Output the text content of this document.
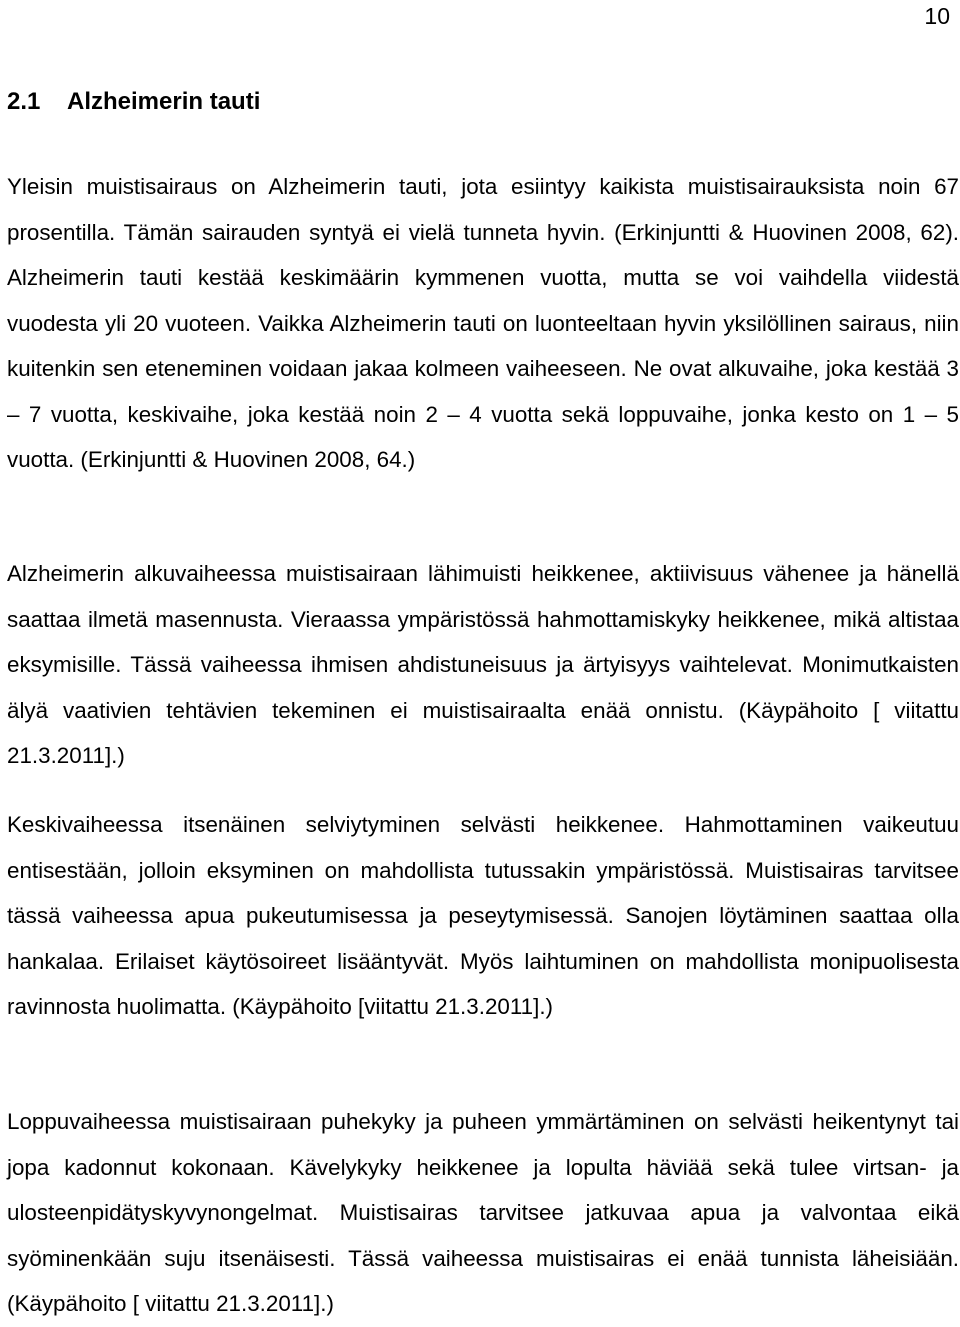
10
2.1 Alzheimerin tauti

Yleisin muistisairaus on Alzheimerin tauti, jota esiintyy kaikista muistisairauksista noin 67 prosentilla. Tämän sairauden syntyä ei vielä tunneta hyvin. (Erkinjuntti & Huovinen 2008, 62). Alzheimerin tauti kestää keskimäärin kymmenen vuotta, mutta se voi vaihdella viidestä vuodesta yli 20 vuoteen. Vaikka Alzheimerin tauti on luonteeltaan hyvin yksilöllinen sairaus, niin kuitenkin sen eteneminen voidaan jakaa kolmeen vaiheeseen. Ne ovat alkuvaihe, joka kestää 3 – 7 vuotta, keskivaihe, joka kestää noin 2 – 4 vuotta sekä loppuvaihe, jonka kesto on 1 – 5 vuotta. (Erkinjuntti & Huovinen 2008, 64.)

Alzheimerin alkuvaiheessa muistisairaan lähimuisti heikkenee, aktiivisuus vähenee ja hänellä saattaa ilmetä masennusta. Vieraassa ympäristössä hahmottamiskyky heikkenee, mikä altistaa eksymisille. Tässä vaiheessa ihmisen ahdistuneisuus ja ärtyisyys vaihtelevat. Monimutkaisten älyä vaativien tehtävien tekeminen ei muistisairaalta enää onnistu. (Käypähoito [ viitattu 21.3.2011].)

Keskivaiheessa itsenäinen selviytyminen selvästi heikkenee. Hahmottaminen vaikeutuu entisestään, jolloin eksyminen on mahdollista tutussakin ympäristössä. Muistisairas tarvitsee tässä vaiheessa apua pukeutumisessa ja peseytymisessä. Sanojen löytäminen saattaa olla hankalaa. Erilaiset käytösoireet lisääntyvät. Myös laihtuminen on mahdollista monipuolisesta ravinnosta huolimatta. (Käypähoito [viitattu 21.3.2011].)

Loppuvaiheessa muistisairaan puhekyky ja puheen ymmärtäminen on selvästi heikentynyt tai jopa kadonnut kokonaan. Kävelykyky heikkenee ja lopulta häviää sekä tulee virtsan- ja ulosteenpidätyskyvynongelmat. Muistisairas tarvitsee jatkuvaa apua ja valvontaa eikä syöminenkään suju itsenäisesti. Tässä vaiheessa muistisairas ei enää tunnista läheisiään. (Käypähoito [ viitattu 21.3.2011].)
